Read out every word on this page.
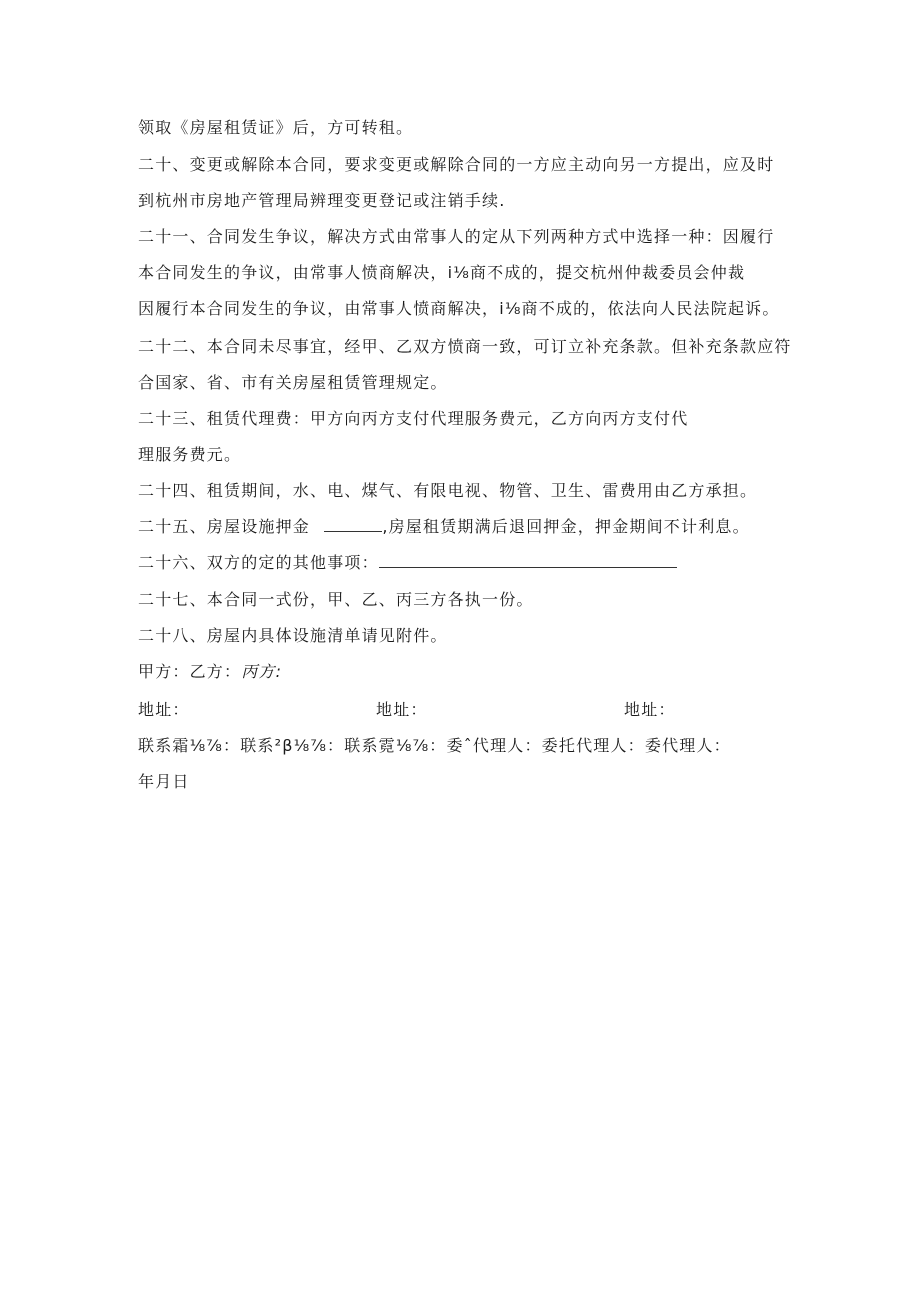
领取《房屋租赁证》后，方可转租。
二十、变更或解除本合同，要求变更或解除合同的一方应主动向另一方提出，应及时
到杭州市房地产管理局辨理变更登记或注销手续.
二十一、合同发生争议，解决方式由常事人的定从下列两种方式中选择一种：因履行
本合同发生的争议，由常事人愤商解决，i⅛商不成的，提交杭州仲裁委员会仲裁
因履行本合同发生的争议，由常事人愤商解决，i⅛商不成的，依法向人民法院起诉。
二十二、本合同未尽事宜，经甲、乙双方愤商一致，可订立补充条款。但补充条款应符
合国家、省、市有关房屋租赁管理规定。
二十三、租赁代理费：甲方向丙方支付代理服务费元，乙方向丙方支付代
理服务费元。
二十四、租赁期间，水、电、煤气、有限电视、物管、卫生、雷费用由乙方承担。
二十五、房屋设施押金	,房屋租赁期满后退回押金，押金期间不计利息。
二十六、双方的定的其他事项：
二十七、本合同一式份，甲、乙、丙三方各执一份。
二十八、房屋内具体设施清单请见附件。
甲方：乙方：丙方:
地址：	地址：	地址：
联系霜⅛⅞：联系²β⅛⅞：联系霓⅛⅞：委ˆ代理人：委托代理人：委代理人：
年月日
